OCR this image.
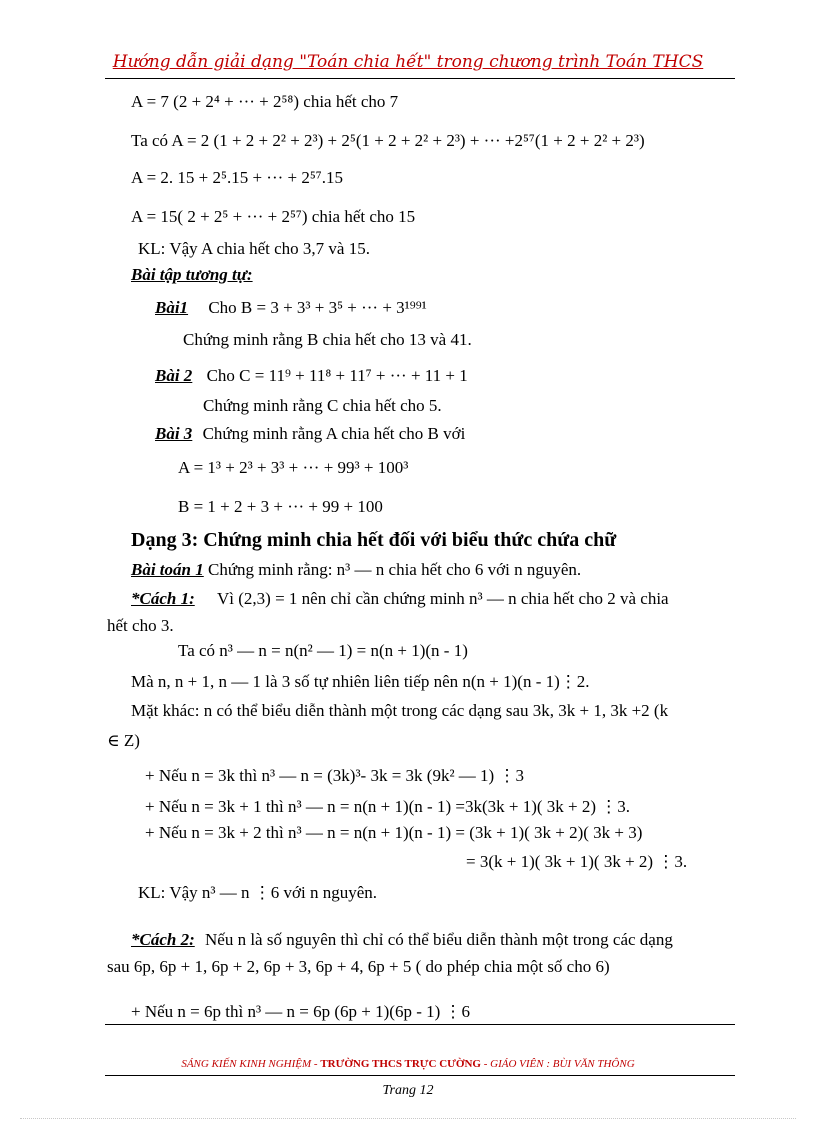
Hướng dẫn giải dạng "Toán chia hết" trong chương trình Toán THCS
A = 7 (2 + 2⁴ + ··· + 2⁵⁸) chia hết cho 7
Ta có A = 2 (1 + 2 + 2² + 2³) + 2⁵(1 + 2 + 2² + 2³) + ··· +2⁵⁷(1 + 2 + 2² + 2³)
A = 2. 15 + 2⁵.15 + ··· + 2⁵⁷.15
A = 15( 2 + 2⁵ + ··· + 2⁵⁷) chia hết cho 15
KL: Vậy A chia hết cho 3,7 và 15.
Bài tập tương tự:
Bài1 Cho B = 3 + 3³ + 3⁵ + ··· + 3¹⁹⁹¹
Chứng minh rằng B chia hết cho 13 và 41.
Bài 2 Cho C = 11⁹ + 11⁸ + 11⁷ + ··· + 11 + 1
Chứng minh rằng C chia hết cho 5.
Bài 3 Chứng minh rằng A chia hết cho B với
A = 1³ + 2³ + 3³ + ··· + 99³ + 100³
B = 1 + 2 + 3 + ··· + 99 + 100
Dạng 3: Chứng minh chia hết đối với biểu thức chứa chữ
Bài toán 1 Chứng minh rằng: n³ — n chia hết cho 6 với n nguyên.
*Cách 1: Vì (2,3) = 1 nên chỉ cần chứng minh n³ — n chia hết cho 2 và chia
hết cho 3.
Ta có n³ — n = n(n² — 1) = n(n + 1)(n - 1)
Mà n, n + 1, n — 1 là 3 số tự nhiên liên tiếp nên n(n + 1)(n - 1)⋮2.
Mặt khác: n có thể biểu diễn thành một trong các dạng sau 3k, 3k + 1, 3k +2 (k
∈ Z)
+ Nếu n = 3k thì n³ — n = (3k)³- 3k = 3k (9k² — 1) ⋮3
+ Nếu n = 3k + 1 thì n³ — n = n(n + 1)(n - 1) =3k(3k + 1)( 3k + 2) ⋮3.
+ Nếu n = 3k + 2 thì n³ — n = n(n + 1)(n - 1) = (3k + 1)( 3k + 2)( 3k + 3)
= 3(k + 1)( 3k + 1)( 3k + 2) ⋮3.
KL: Vậy n³ — n ⋮6 với n nguyên.
*Cách 2: Nếu n là số nguyên thì chỉ có thể biểu diễn thành một trong các dạng
sau 6p, 6p + 1, 6p + 2, 6p + 3, 6p + 4, 6p + 5 ( do phép chia một số cho 6)
+ Nếu n = 6p thì n³ — n = 6p (6p + 1)(6p - 1) ⋮6
SÁNG KIẾN KINH NGHIỆM - TRƯỜNG THCS TRỰC CƯỜNG - GIÁO VIÊN : BÙI VĂN THÔNG
Trang 12
